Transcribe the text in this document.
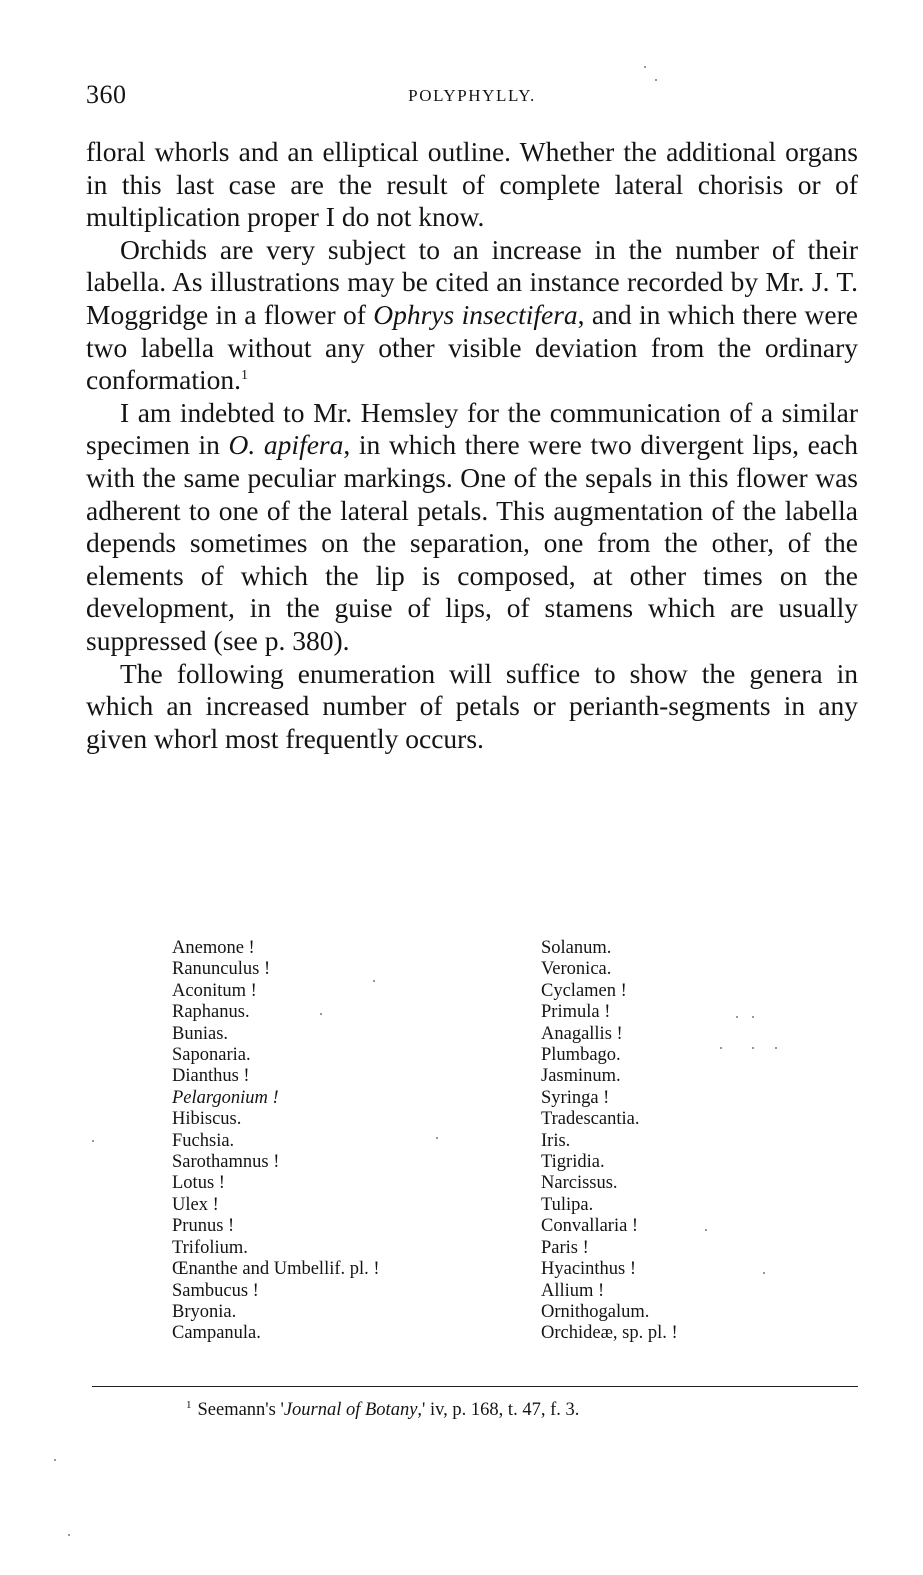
360	POLYPHYLLY.

floral whorls and an elliptical outline. Whether the additional organs in this last case are the result of complete lateral chorisis or of multiplication proper I do not know.

Orchids are very subject to an increase in the number of their labella. As illustrations may be cited an instance recorded by Mr. J. T. Moggridge in a flower of Ophrys insectifera, and in which there were two labella without any other visible deviation from the ordinary conformation.$^1$

I am indebted to Mr. Hemsley for the communication of a similar specimen in O. apifera, in which there were two divergent lips, each with the same peculiar markings. One of the sepals in this flower was adherent to one of the lateral petals. This augmentation of the labella depends sometimes on the separation, one from the other, of the elements of which the lip is composed, at other times on the development, in the guise of lips, of stamens which are usually suppressed (see p. 380).

The following enumeration will suffice to show the genera in which an increased number of petals or perianth-segments in any given whorl most frequently occurs.

Anemone !
Ranunculus !
Aconitum !
Raphanus.
Bunias.
Saponaria.
Dianthus !
Pelargonium !
Hibiscus.
Fuchsia.
Sarothamnus !
Lotus !
Ulex !
Prunus !
Trifolium.
Œnanthe and Umbellif. pl. !
Sambucus !
Bryonia.
Campanula.
Solanum.
Veronica.
Cyclamen !
Primula !
Anagallis !
Plumbago.
Jasminum.
Syringa !
Tradescantia.
Iris.
Tigridia.
Narcissus.
Tulipa.
Convallaria !
Paris !
Hyacinthus !
Allium !
Ornithogalum.
Orchideæ, sp. pl. !
$^1$ Seemann's 'Journal of Botany,' iv, p. 168, t. 47, f. 3.
